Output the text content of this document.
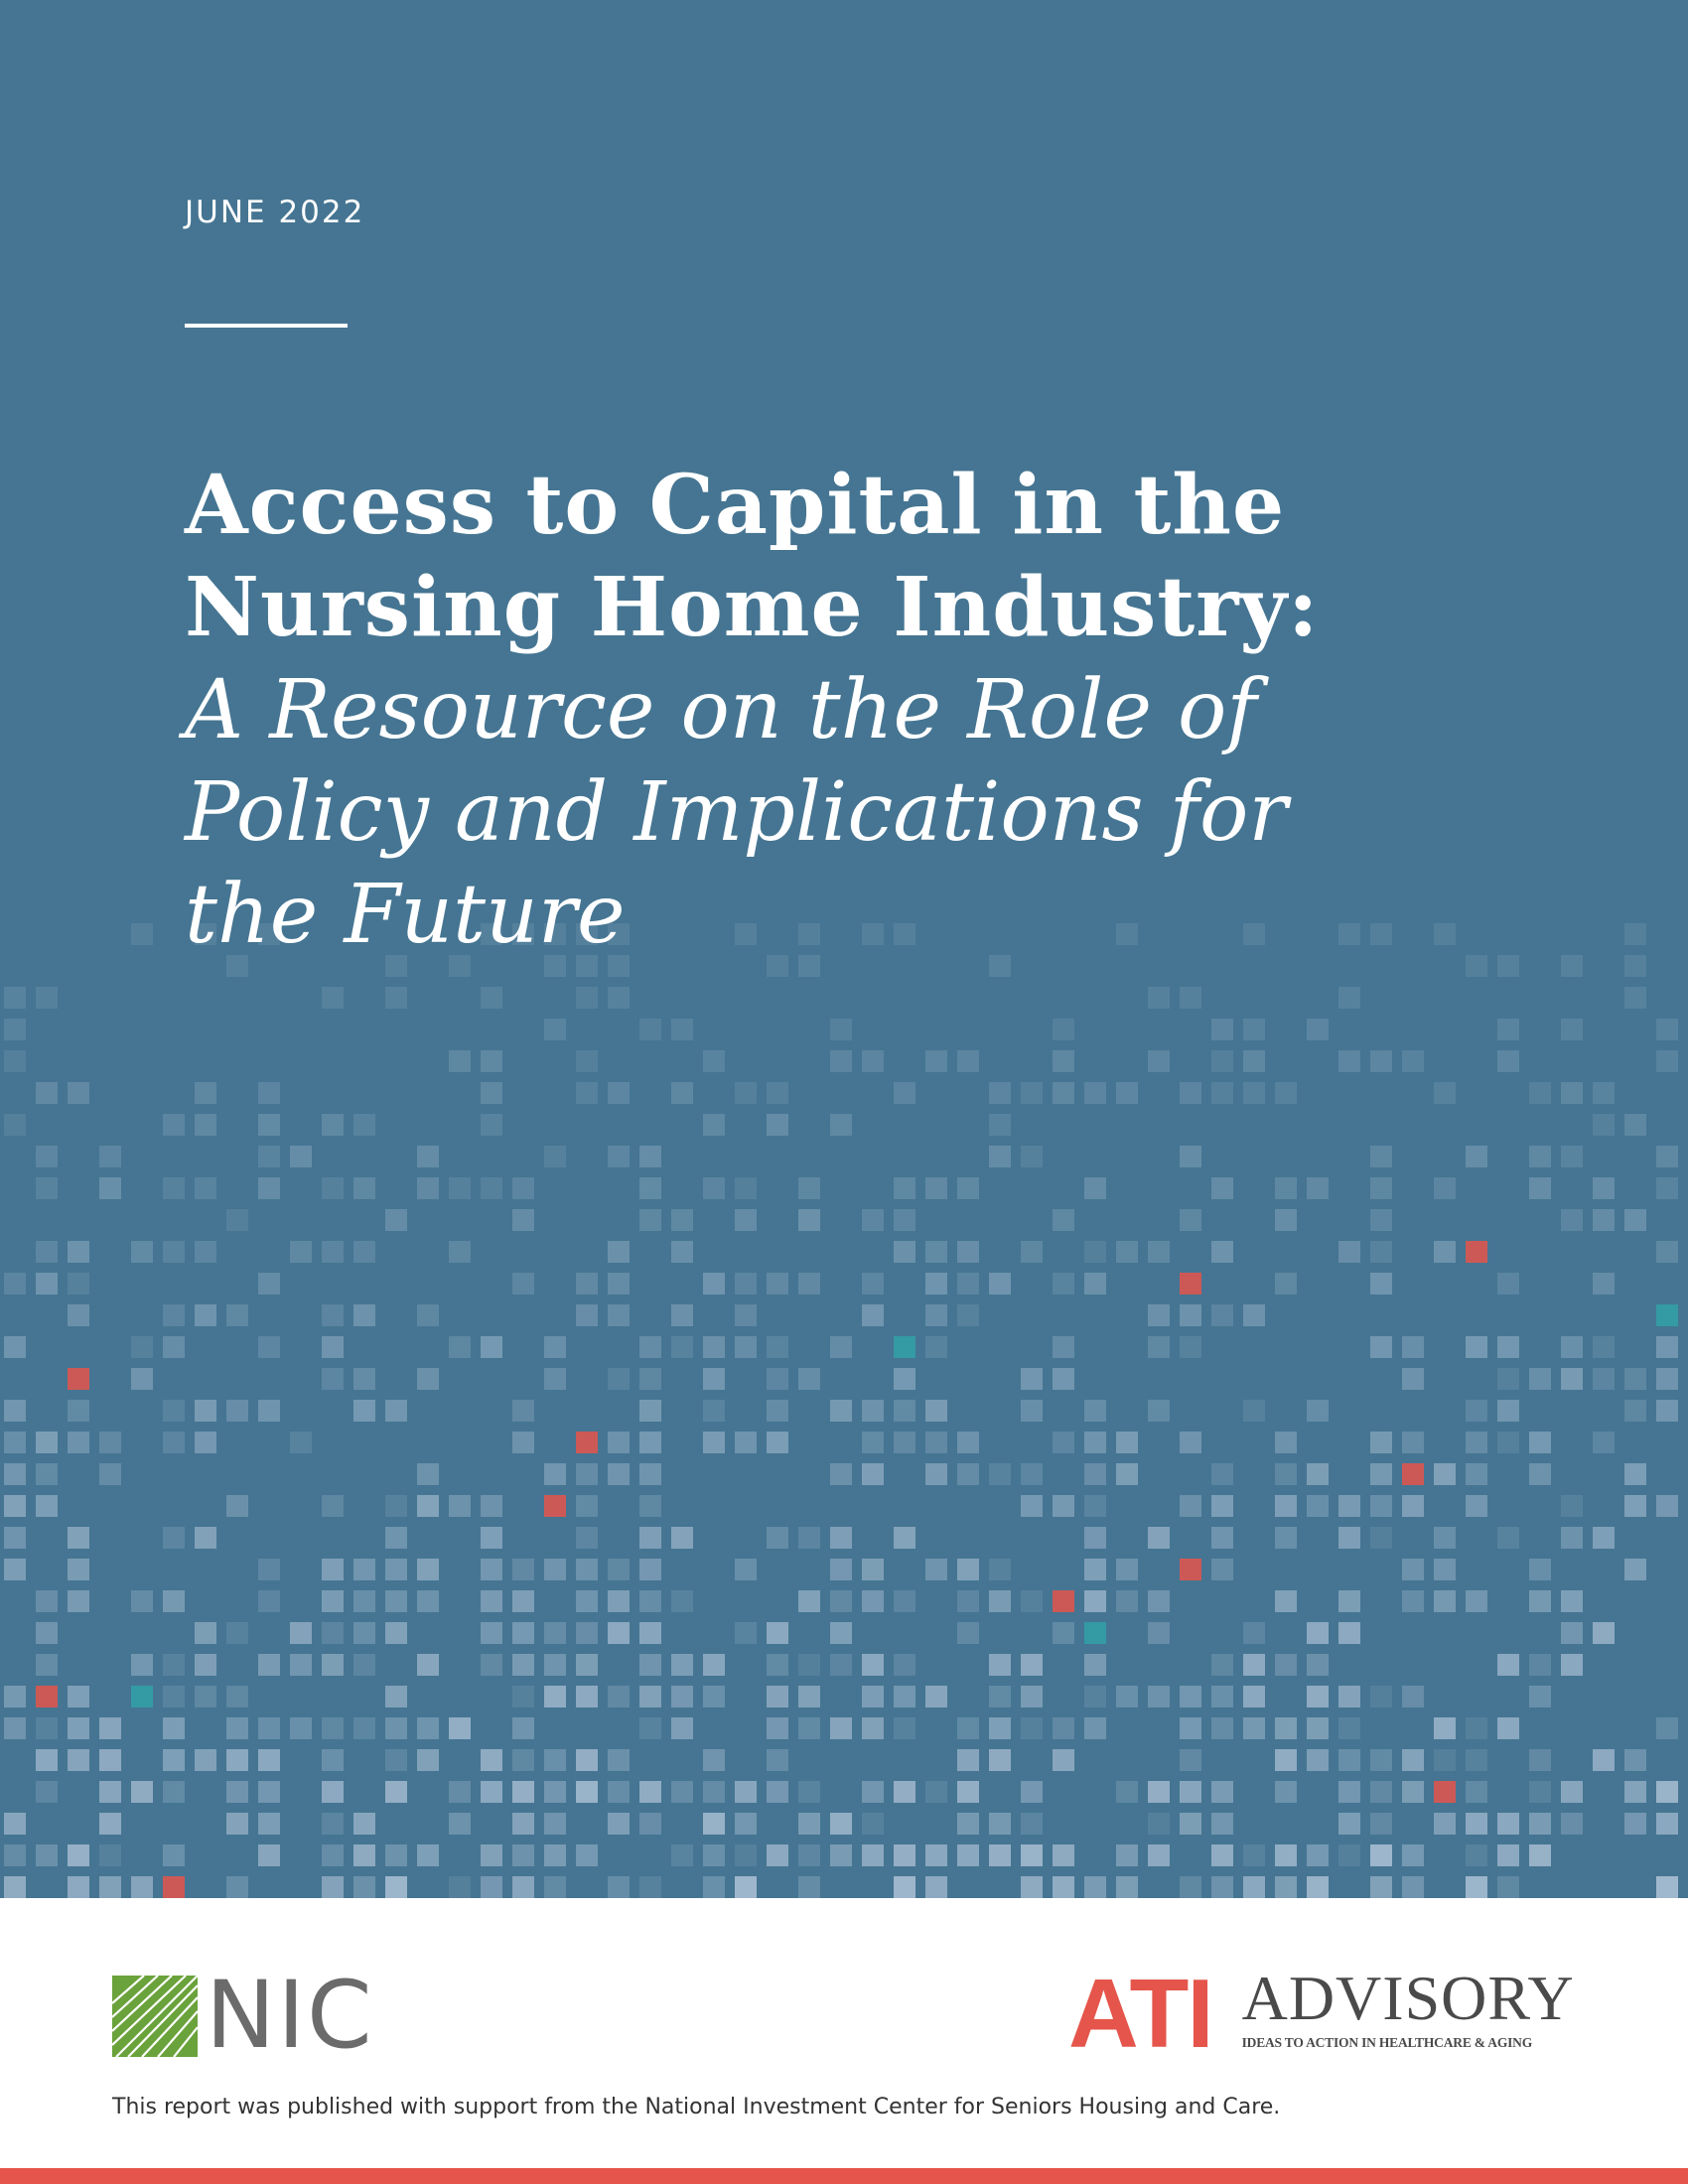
JUNE 2022
Access to Capital in the
Nursing Home Industry:
A Resource on the Role of
Policy and Implications for
the Future
NIC	ATI ADVISORY
IDEAS TO ACTION IN HEALTHCARE & AGING
This report was published with support from the National Investment Center for Seniors Housing and Care.
